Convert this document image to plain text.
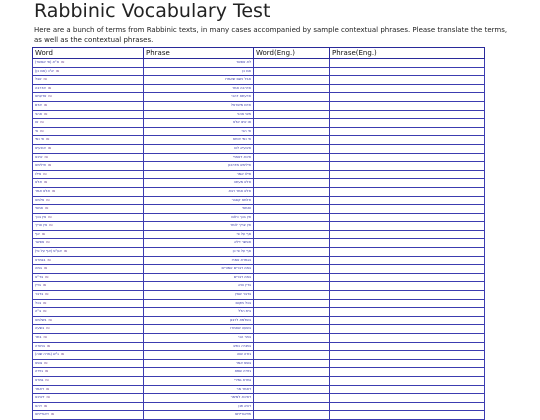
Rabbinic Vocabulary Test

Here are a bunch of terms from Rabbinic texts, in many cases accompanied by sample contextual phrases. Please translate the terms, as well as the contextual phrases.

Word	Phrase	Word(Eng.)	Phrase(Eng.)
סוא"א (אי אפשר)	לא אפשר		
סוא"כ (אם כן)	אם כן		
סואבל	אבל כשם שאמרו		
סואדרבה	אדרבה אמר		
סואדעתא	אדעתא דהכי		
סואדם	אדם מישראל		
סואהני	מאי אהני		
סואו	או אינו אלא		
סואי	אי הכי		
סואי נמי	אי נמי אימא		
סואיבעיא	איבעיא להו		
סואיכא	איכא דאמרי		
סואילימא	אילימא מדרבנן		
סואילו	אילו אמר		
סואלא	אלא מעתה		
סואלא אמר	אלא אמר רבא		
סואלמא	אלמא קסבר		
סואמאי	ואמאי		
סואין בכך	אין בכך כלום		
סואין צריך	אין צריך לומר		
סואף	אף על פי		
סואפשר	אפשר דלא		
סואע"פ (אף על פי)	אף על פי כן		
סובגמרא	בגמרא אמרו		
סובמה	במה דברים אמורים		
סובד"א	במה דברים		
סובדין	בדין הוא		
סובדבר	בדבר שאין		
סובכל	בכל מקום		
סוב"ה	בית הלל		
סובשלמא	בשלמא לרבנן		
סובשעה	בשעה שאמרו		
סובתר	בתר הכי		
סובתורה	בתורה כתיב		
סוג"ש (גזרה שוה)	גזרה שוה		
סוגופא	גופא אמר		
סוגזירה	גזירה שמא		
סוגמרא	גמרא גמירי		
סודאמר	דאמר מר		
סודאיכא	דאיכא למימר		
סודהא	דהא תנן		
סודאורייתא	מדאורייתא		
